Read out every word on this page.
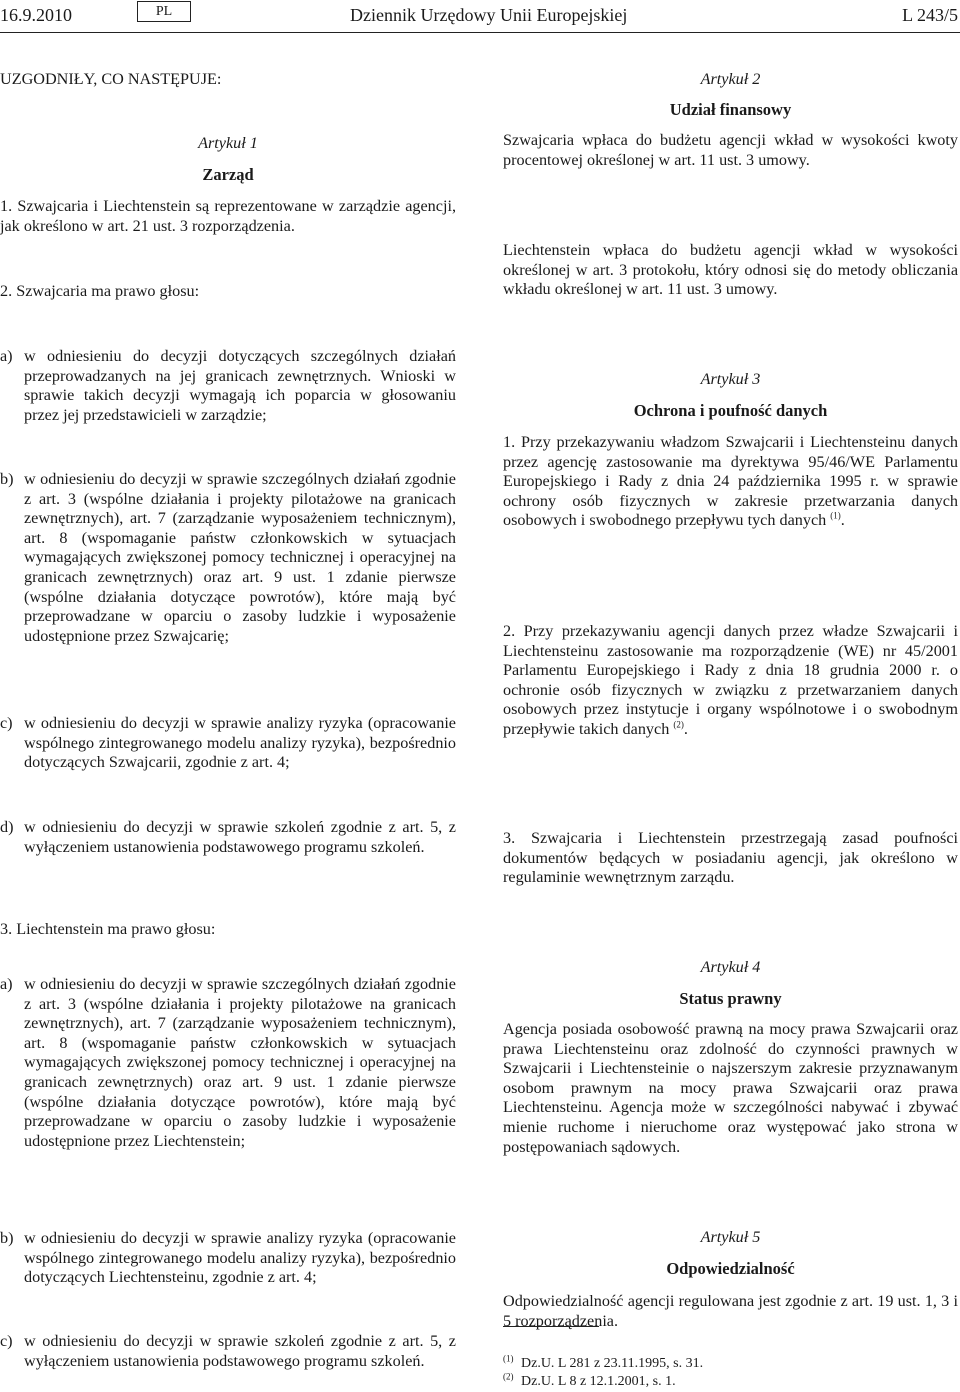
16.9.2010	PL	Dziennik Urzędowy Unii Europejskiej	L 243/5

UZGODNIŁY, CO NASTĘPUJE:

Artykuł 1

Zarząd

1. Szwajcaria i Liechtenstein są reprezentowane w zarządzie agencji, jak określono w art. 21 ust. 3 rozporządzenia.

2. Szwajcaria ma prawo głosu:

a) w odniesieniu do decyzji dotyczących szczególnych działań przeprowadzanych na jej granicach zewnętrznych. Wnioski w sprawie takich decyzji wymagają ich poparcia w głosowaniu przez jej przedstawicieli w zarządzie;
b) w odniesieniu do decyzji w sprawie szczególnych działań zgodnie z art. 3 (wspólne działania i projekty pilotażowe na granicach zewnętrznych), art. 7 (zarządzanie wyposażeniem technicznym), art. 8 (wspomaganie państw członkowskich w sytuacjach wymagających zwiększonej pomocy technicznej i operacyjnej na granicach zewnętrznych) oraz art. 9 ust. 1 zdanie pierwsze (wspólne działania dotyczące powrotów), które mają być przeprowadzane w oparciu o zasoby ludzkie i wyposażenie udostępnione przez Szwajcarię;
c) w odniesieniu do decyzji w sprawie analizy ryzyka (opracowanie wspólnego zintegrowanego modelu analizy ryzyka), bezpośrednio dotyczących Szwajcarii, zgodnie z art. 4;
d) w odniesieniu do decyzji w sprawie szkoleń zgodnie z art. 5, z wyłączeniem ustanowienia podstawowego programu szkoleń.

3. Liechtenstein ma prawo głosu:

a) w odniesieniu do decyzji w sprawie szczególnych działań zgodnie z art. 3 (wspólne działania i projekty pilotażowe na granicach zewnętrznych), art. 7 (zarządzanie wyposażeniem technicznym), art. 8 (wspomaganie państw członkowskich w sytuacjach wymagających zwiększonej pomocy technicznej i operacyjnej na granicach zewnętrznych) oraz art. 9 ust. 1 zdanie pierwsze (wspólne działania dotyczące powrotów), które mają być przeprowadzane w oparciu o zasoby ludzkie i wyposażenie udostępnione przez Liechtenstein;
b) w odniesieniu do decyzji w sprawie analizy ryzyka (opracowanie wspólnego zintegrowanego modelu analizy ryzyka), bezpośrednio dotyczących Liechtensteinu, zgodnie z art. 4;
c) w odniesieniu do decyzji w sprawie szkoleń zgodnie z art. 5, z wyłączeniem ustanowienia podstawowego programu szkoleń.

Artykuł 2

Udział finansowy

Szwajcaria wpłaca do budżetu agencji wkład w wysokości kwoty procentowej określonej w art. 11 ust. 3 umowy.

Liechtenstein wpłaca do budżetu agencji wkład w wysokości określonej w art. 3 protokołu, który odnosi się do metody obliczania wkładu określonej w art. 11 ust. 3 umowy.

Artykuł 3

Ochrona i poufność danych

1. Przy przekazywaniu władzom Szwajcarii i Liechtensteinu danych przez agencję zastosowanie ma dyrektywa 95/46/WE Parlamentu Europejskiego i Rady z dnia 24 października 1995 r. w sprawie ochrony osób fizycznych w zakresie przetwarzania danych osobowych i swobodnego przepływu tych danych $^{(1)}$.

2. Przy przekazywaniu agencji danych przez władze Szwajcarii i Liechtensteinu zastosowanie ma rozporządzenie (WE) nr 45/2001 Parlamentu Europejskiego i Rady z dnia 18 grudnia 2000 r. o ochronie osób fizycznych w związku z przetwarzaniem danych osobowych przez instytucje i organy wspólnotowe i o swobodnym przepływie takich danych $^{(2)}$.

3. Szwajcaria i Liechtenstein przestrzegają zasad poufności dokumentów będących w posiadaniu agencji, jak określono w regulaminie wewnętrznym zarządu.

Artykuł 4

Status prawny

Agencja posiada osobowość prawną na mocy prawa Szwajcarii oraz prawa Liechtensteinu oraz zdolność do czynności prawnych w Szwajcarii i Liechtensteinie o najszerszym zakresie przyznawanym osobom prawnym na mocy prawa Szwajcarii oraz prawa Liechtensteinu. Agencja może w szczególności nabywać i zbywać mienie ruchome i nieruchome oraz występować jako strona w postępowaniach sądowych.

Artykuł 5

Odpowiedzialność

Odpowiedzialność agencji regulowana jest zgodnie z art. 19 ust. 1, 3 i 5 rozporządzenia.

$^{(1)}$ Dz.U. L 281 z 23.11.1995, s. 31.
$^{(2)}$ Dz.U. L 8 z 12.1.2001, s. 1.
